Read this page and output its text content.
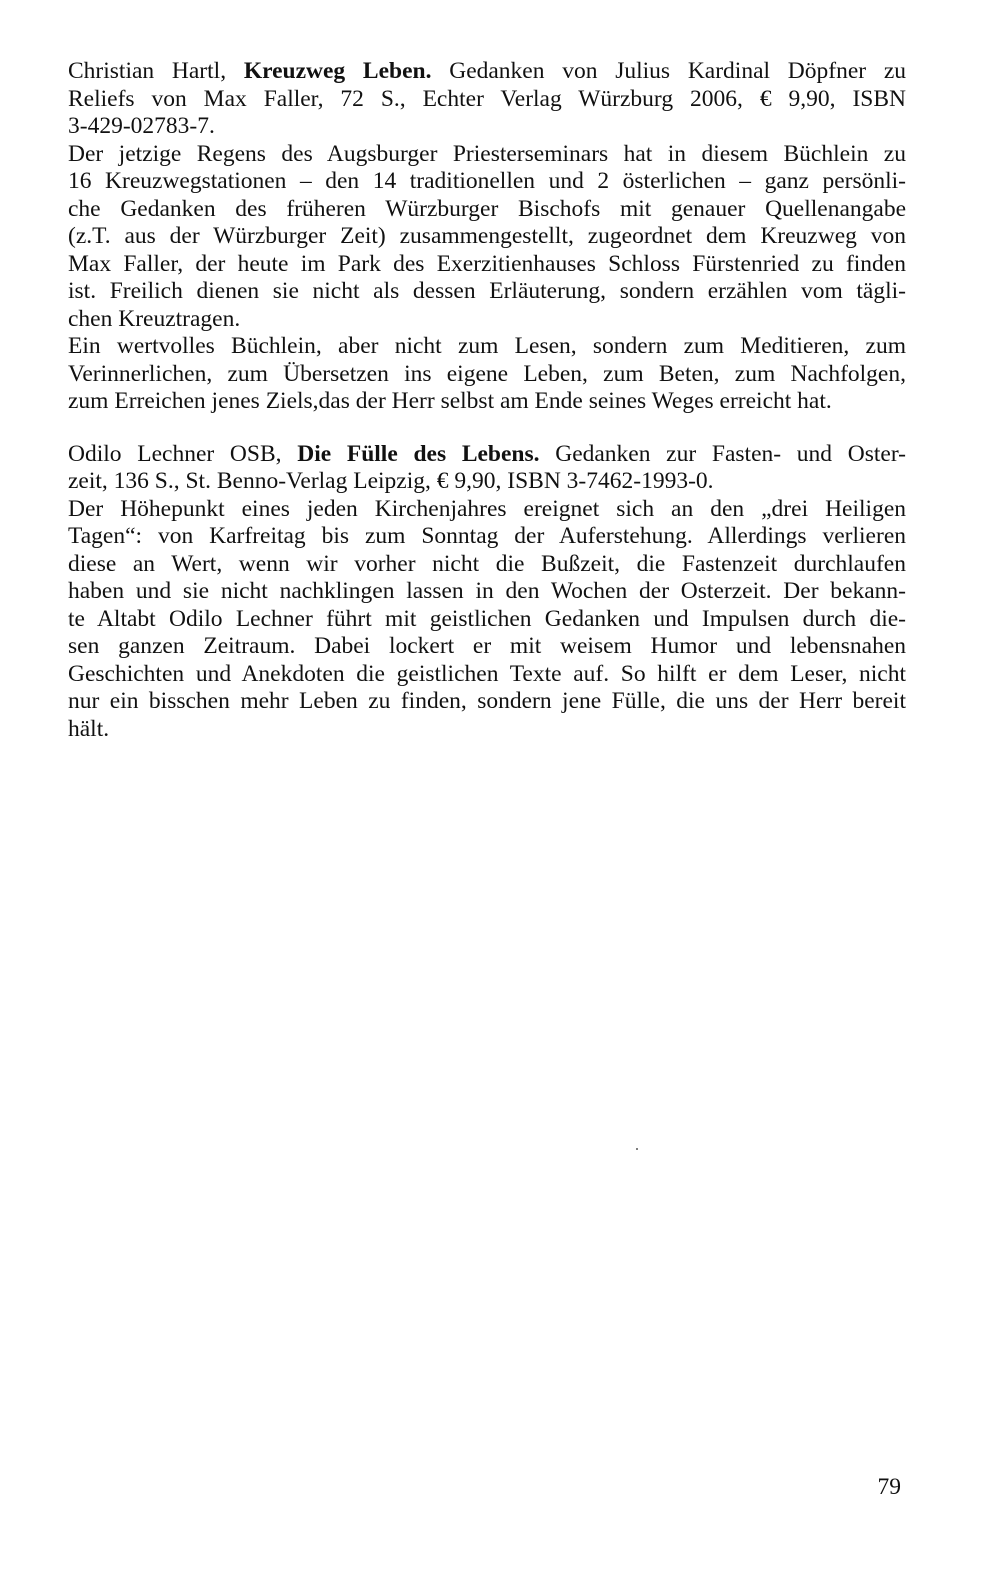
Christian Hartl, Kreuzweg Leben. Gedanken von Julius Kardinal Döpfner zu
Reliefs von Max Faller, 72 S., Echter Verlag Würzburg 2006, € 9,90, ISBN
3-429-02783-7.
Der jetzige Regens des Augsburger Priesterseminars hat in diesem Büchlein zu
16 Kreuzwegstationen – den 14 traditionellen und 2 österlichen – ganz persönli-
che Gedanken des früheren Würzburger Bischofs mit genauer Quellenangabe
(z.T. aus der Würzburger Zeit) zusammengestellt, zugeordnet dem Kreuzweg von
Max Faller, der heute im Park des Exerzitienhauses Schloss Fürstenried zu finden
ist. Freilich dienen sie nicht als dessen Erläuterung, sondern erzählen vom tägli-
chen Kreuztragen.
Ein wertvolles Büchlein, aber nicht zum Lesen, sondern zum Meditieren, zum
Verinnerlichen, zum Übersetzen ins eigene Leben, zum Beten, zum Nachfolgen,
zum Erreichen jenes Ziels,das der Herr selbst am Ende seines Weges erreicht hat.
Odilo Lechner OSB, Die Fülle des Lebens. Gedanken zur Fasten- und Oster-
zeit, 136 S., St. Benno-Verlag Leipzig, € 9,90, ISBN 3-7462-1993-0.
Der Höhepunkt eines jeden Kirchenjahres ereignet sich an den „drei Heiligen
Tagen“: von Karfreitag bis zum Sonntag der Auferstehung. Allerdings verlieren
diese an Wert, wenn wir vorher nicht die Bußzeit, die Fastenzeit durchlaufen
haben und sie nicht nachklingen lassen in den Wochen der Osterzeit. Der bekann-
te Altabt Odilo Lechner führt mit geistlichen Gedanken und Impulsen durch die-
sen ganzen Zeitraum. Dabei lockert er mit weisem Humor und lebensnahen
Geschichten und Anekdoten die geistlichen Texte auf. So hilft er dem Leser, nicht
nur ein bisschen mehr Leben zu finden, sondern jene Fülle, die uns der Herr bereit
hält.
79
